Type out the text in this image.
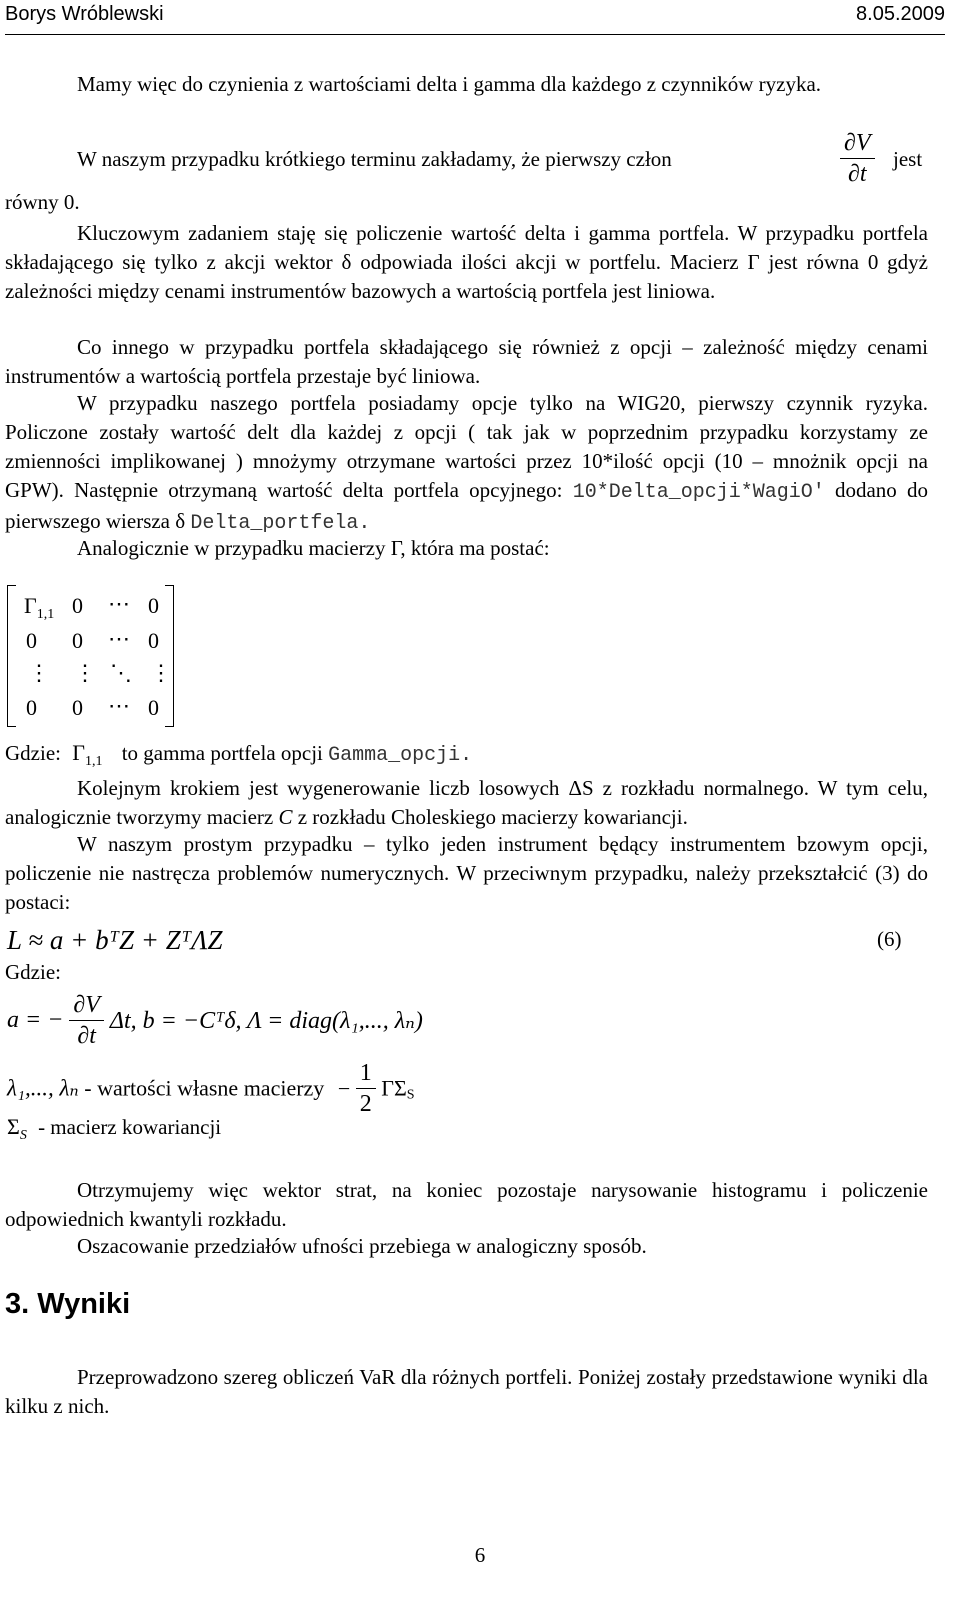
Borys Wróblewski	8.05.2009

Mamy więc do czynienia z wartościami delta i gamma dla każdego z czynników ryzyka.

W naszym przypadku krótkiego terminu zakładamy, że pierwszy człon	$\frac{\partial V}{\partial t}$ jest
równy 0.

Kluczowym zadaniem staję się policzenie wartość delta i gamma portfela. W przypadku portfela składającego się tylko z akcji wektor δ odpowiada ilości akcji w portfelu. Macierz Γ jest równa 0 gdyż zależności między cenami instrumentów bazowych a wartością portfela jest liniowa.

Co innego w przypadku portfela składającego się również z opcji – zależność między cenami instrumentów a wartością portfela przestaje być liniowa.

W przypadku naszego portfela posiadamy opcje tylko na WIG20, pierwszy czynnik ryzyka. Policzone zostały wartość delt dla każdej z opcji ( tak jak w poprzednim przypadku korzystamy ze zmienności implikowanej ) mnożymy otrzymane wartości przez 10*ilość opcji (10 – mnożnik opcji na GPW). Następnie otrzymaną wartość delta portfela opcyjnego: 10*Delta_opcji*WagiO' dodano do pierwszego wiersza δ Delta_portfela.

Analogicznie w przypadku macierzy Γ, która ma postać:

$\Gamma_{1,1}$ 0 ⋯ 0
0 0 ⋯ 0
⋮ ⋮ ⋱ ⋮
0 0 ⋯ 0
Gdzie: $\Gamma_{1,1}$ to gamma portfela opcji Gamma_opcji.

Kolejnym krokiem jest wygenerowanie liczb losowych ΔS z rozkładu normalnego. W tym celu, analogicznie tworzymy macierz C z rozkładu Choleskiego macierzy kowariancji.

W naszym prostym przypadku – tylko jeden instrument będący instrumentem bzowym opcji, policzenie nie nastręcza problemów numerycznych. W przeciwnym przypadku, należy przekształcić (3) do postaci:

L ≈ a + bᵀZ + ZᵀΛZ	(6)
Gdzie:
a = − $\frac{\partial V}{\partial t} \Delta t$, b = −Cᵀδ, Λ = diag(λ₁,..., λₙ)
λ₁,..., λₙ - wartości własne macierzy − $\frac{1}{2} \Gamma\Sigma_S$
$\Sigma_S$ - macierz kowariancji

Otrzymujemy więc wektor strat, na koniec pozostaje narysowanie histogramu i policzenie odpowiednich kwantyli rozkładu.

Oszacowanie przedziałów ufności przebiega w analogiczny sposób.

3. Wyniki

Przeprowadzono szereg obliczeń VaR dla różnych portfeli. Poniżej zostały przedstawione wyniki dla kilku z nich.

6
